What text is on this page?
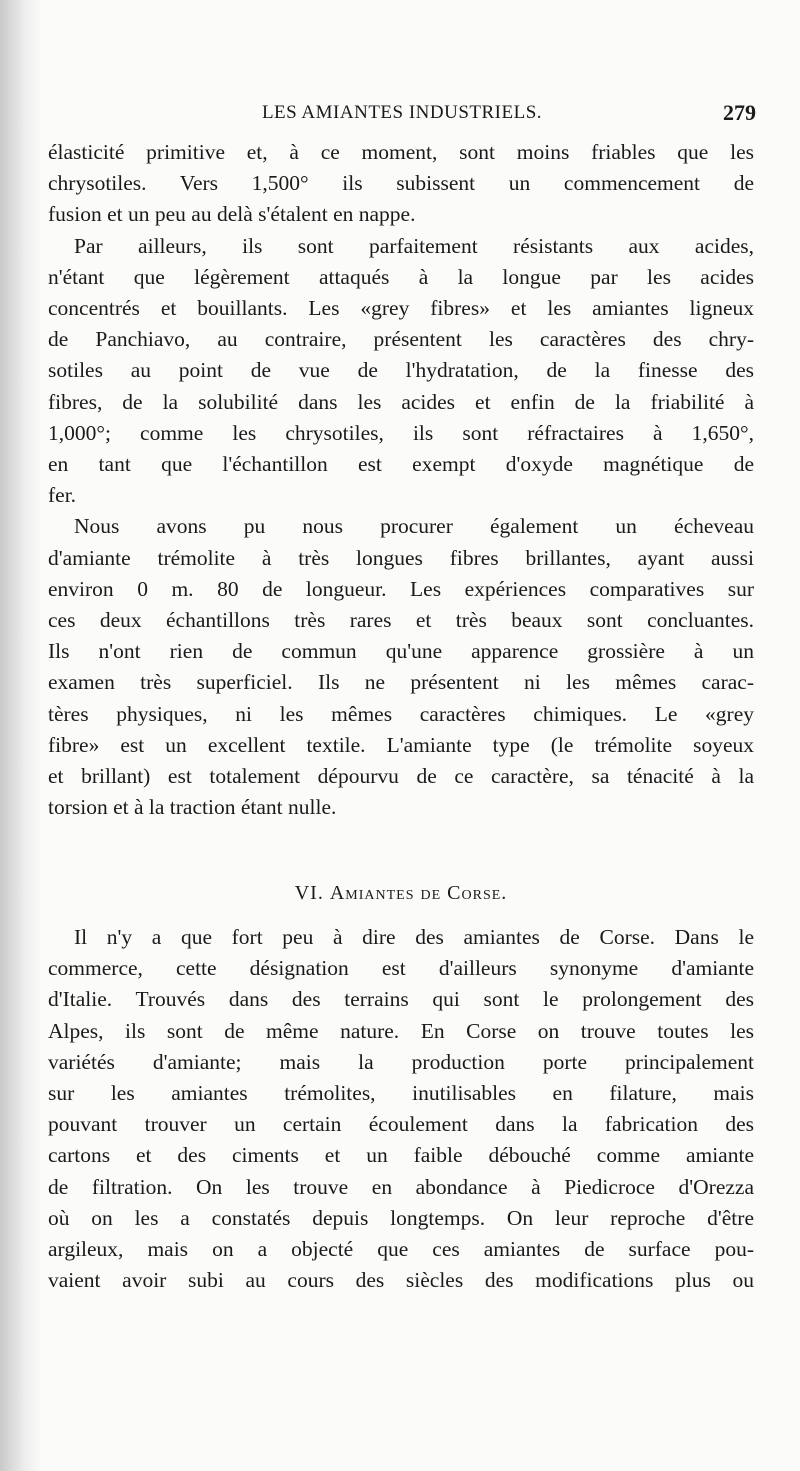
LES AMIANTES INDUSTRIELS.	279
élasticité primitive et, à ce moment, sont moins friables que les
chrysotiles. Vers 1,500° ils subissent un commencement de
fusion et un peu au delà s'étalent en nappe.
Par ailleurs, ils sont parfaitement résistants aux acides,
n'étant que légèrement attaqués à la longue par les acides
concentrés et bouillants. Les «grey fibres» et les amiantes ligneux
de Panchiavo, au contraire, présentent les caractères des chry-
sotiles au point de vue de l'hydratation, de la finesse des
fibres, de la solubilité dans les acides et enfin de la friabilité à
1,000°; comme les chrysotiles, ils sont réfractaires à 1,650°,
en tant que l'échantillon est exempt d'oxyde magnétique de
fer.
Nous avons pu nous procurer également un écheveau
d'amiante trémolite à très longues fibres brillantes, ayant aussi
environ 0 m. 80 de longueur. Les expériences comparatives sur
ces deux échantillons très rares et très beaux sont concluantes.
Ils n'ont rien de commun qu'une apparence grossière à un
examen très superficiel. Ils ne présentent ni les mêmes carac-
tères physiques, ni les mêmes caractères chimiques. Le «grey
fibre» est un excellent textile. L'amiante type (le trémolite soyeux
et brillant) est totalement dépourvu de ce caractère, sa ténacité à la
torsion et à la traction étant nulle.
VI. Amiantes de Corse.
Il n'y a que fort peu à dire des amiantes de Corse. Dans le
commerce, cette désignation est d'ailleurs synonyme d'amiante
d'Italie. Trouvés dans des terrains qui sont le prolongement des
Alpes, ils sont de même nature. En Corse on trouve toutes les
variétés d'amiante; mais la production porte principalement
sur les amiantes trémolites, inutilisables en filature, mais
pouvant trouver un certain écoulement dans la fabrication des
cartons et des ciments et un faible débouché comme amiante
de filtration. On les trouve en abondance à Piedicroce d'Orezza
où on les a constatés depuis longtemps. On leur reproche d'être
argileux, mais on a objecté que ces amiantes de surface pou-
vaient avoir subi au cours des siècles des modifications plus ou
